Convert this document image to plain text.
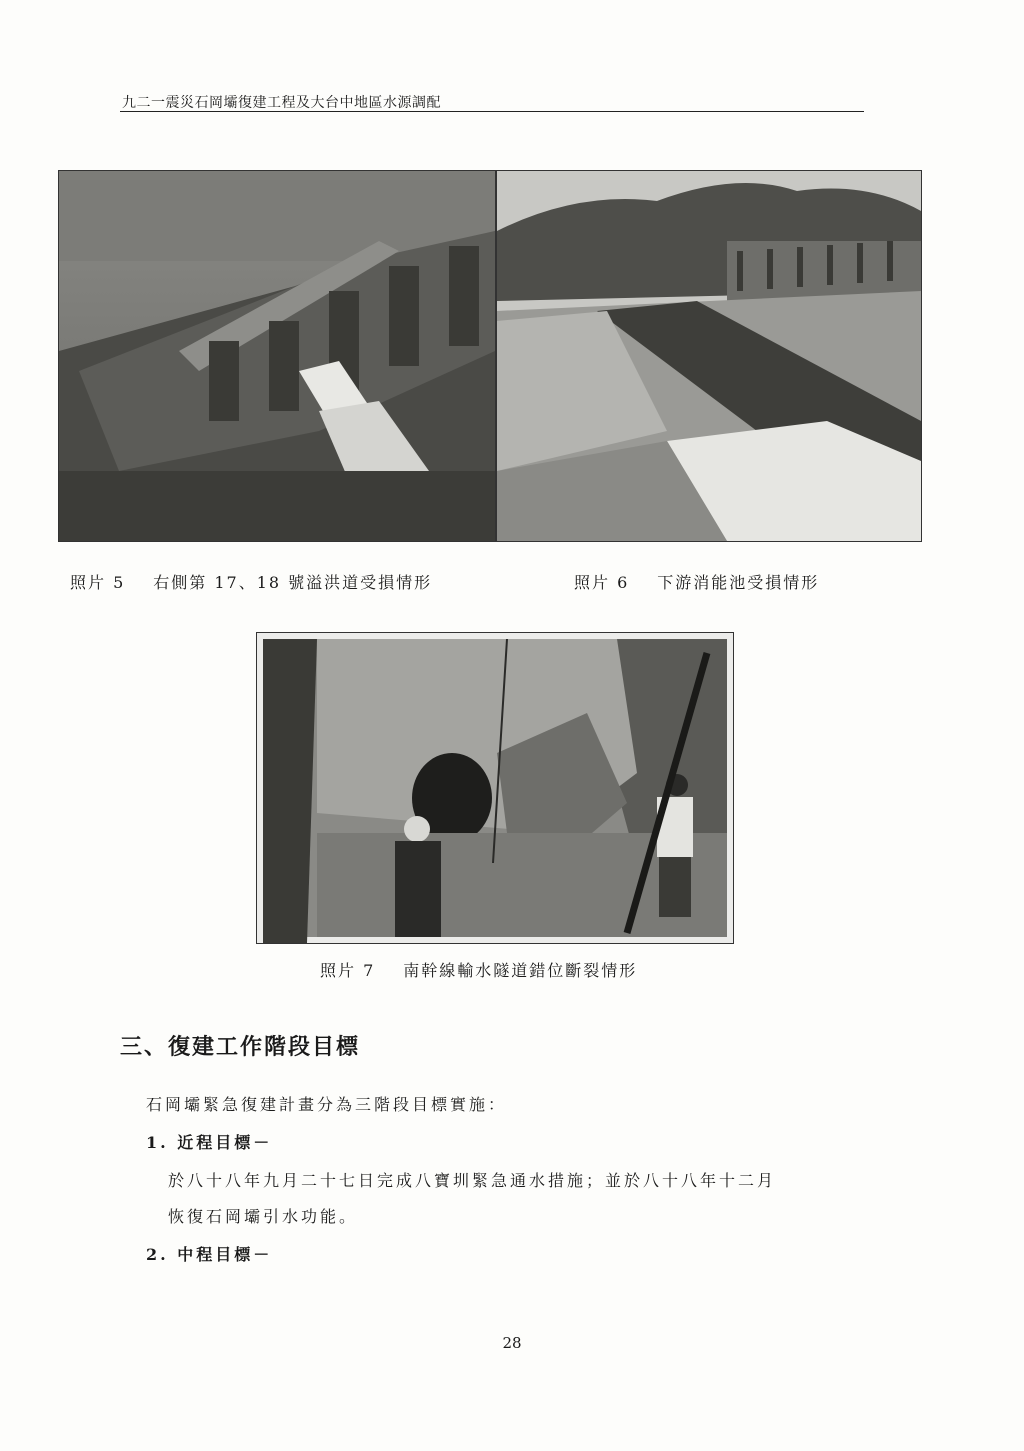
九二一震災石岡壩復建工程及大台中地區水源調配
照片 5 右側第 17、18 號溢洪道受損情形	照片 6 下游消能池受損情形
照片 7 南幹線輸水隧道錯位斷裂情形
三、復建工作階段目標
石岡壩緊急復建計畫分為三階段目標實施：
1. 近程目標－
於八十八年九月二十七日完成八寶圳緊急通水措施；並於八十八年十二月
恢復石岡壩引水功能。
2. 中程目標－
28
